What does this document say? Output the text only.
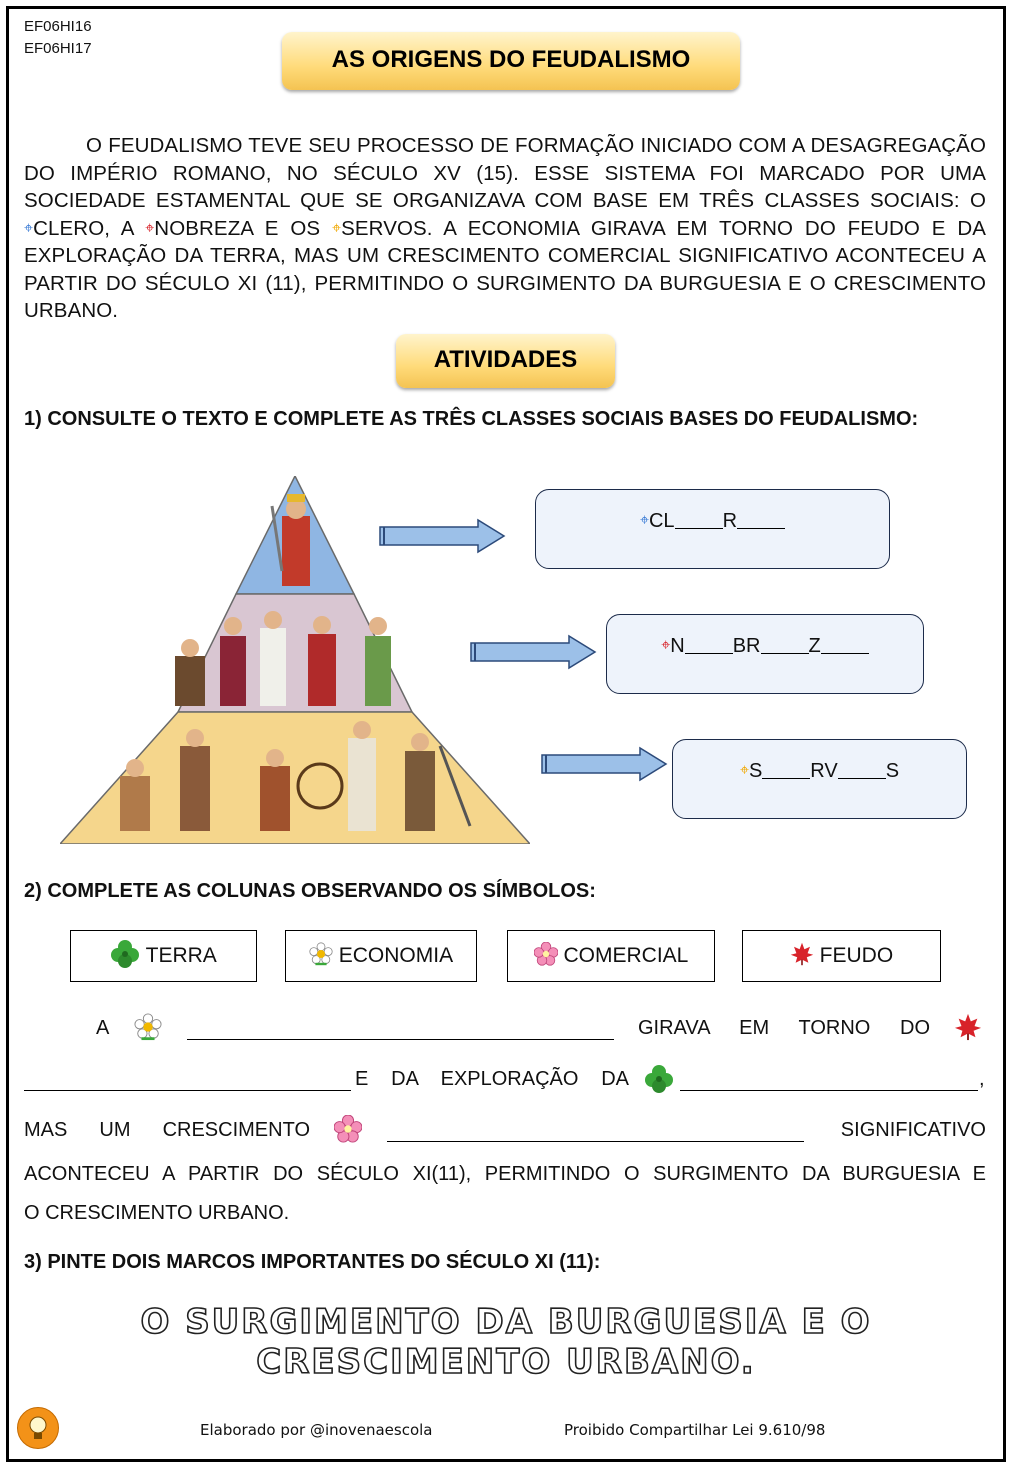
EF06HI16
EF06HI17	AS ORIGENS DO FEUDALISMO
O FEUDALISMO TEVE SEU PROCESSO DE FORMAÇÃO INICIADO COM A DESAGREGAÇÃO DO IMPÉRIO ROMANO, NO SÉCULO XV (15). ESSE SISTEMA FOI MARCADO POR UMA SOCIEDADE ESTAMENTAL QUE SE ORGANIZAVA COM BASE EM TRÊS CLASSES SOCIAIS: O ⌖CLERO, A ⌖NOBREZA E OS ⌖SERVOS. A ECONOMIA GIRAVA EM TORNO DO FEUDO E DA EXPLORAÇÃO DA TERRA, MAS UM CRESCIMENTO COMERCIAL SIGNIFICATIVO ACONTECEU A PARTIR DO SÉCULO XI (11), PERMITINDO O SURGIMENTO DA BURGUESIA E O CRESCIMENTO URBANO.
ATIVIDADES
1) CONSULTE O TEXTO E COMPLETE AS TRÊS CLASSES SOCIAIS BASES DO FEUDALISMO:
⌖CL R
⌖N BR Z
⌖S RV S
2) COMPLETE AS COLUNAS OBSERVANDO OS SÍMBOLOS:
TERRA	ECONOMIA	COMERCIAL	FEUDO
A	GIRAVA EM TORNO DO
E DA EXPLORAÇÃO DA	,
MAS UM CRESCIMENTO	SIGNIFICATIVO
ACONTECEU A PARTIR DO SÉCULO XI(11), PERMITINDO O SURGIMENTO DA BURGUESIA E
O CRESCIMENTO URBANO.
3) PINTE DOIS MARCOS IMPORTANTES DO SÉCULO XI (11):
O SURGIMENTO DA BURGUESIA E O
CRESCIMENTO URBANO.
Elaborado por @inovenaescola	Proibido Compartilhar Lei 9.610/98
